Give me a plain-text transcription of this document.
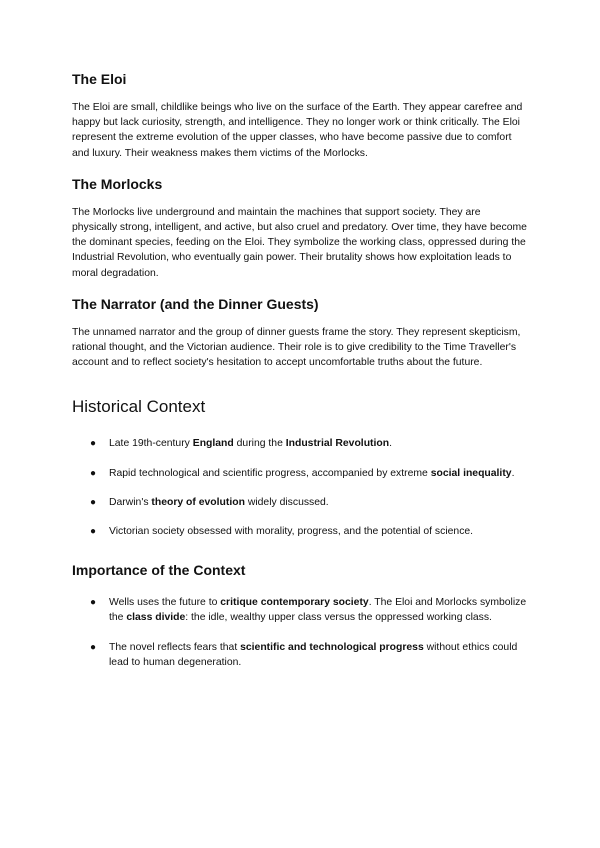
The Eloi

The Eloi are small, childlike beings who live on the surface of the Earth. They appear carefree and happy but lack curiosity, strength, and intelligence. They no longer work or think critically. The Eloi represent the extreme evolution of the upper classes, who have become passive due to comfort and luxury. Their weakness makes them victims of the Morlocks.

The Morlocks

The Morlocks live underground and maintain the machines that support society. They are physically strong, intelligent, and active, but also cruel and predatory. Over time, they have become the dominant species, feeding on the Eloi. They symbolize the working class, oppressed during the Industrial Revolution, who eventually gain power. Their brutality shows how exploitation leads to moral degradation.

The Narrator (and the Dinner Guests)

The unnamed narrator and the group of dinner guests frame the story. They represent skepticism, rational thought, and the Victorian audience. Their role is to give credibility to the Time Traveller's account and to reflect society's hesitation to accept uncomfortable truths about the future.

Historical Context
● Late 19th-century England during the Industrial Revolution.
● Rapid technological and scientific progress, accompanied by extreme social inequality.
● Darwin's theory of evolution widely discussed.
● Victorian society obsessed with morality, progress, and the potential of science.
Importance of the Context
● Wells uses the future to critique contemporary society. The Eloi and Morlocks symbolize the class divide: the idle, wealthy upper class versus the oppressed working class.
● The novel reflects fears that scientific and technological progress without ethics could lead to human degeneration.
